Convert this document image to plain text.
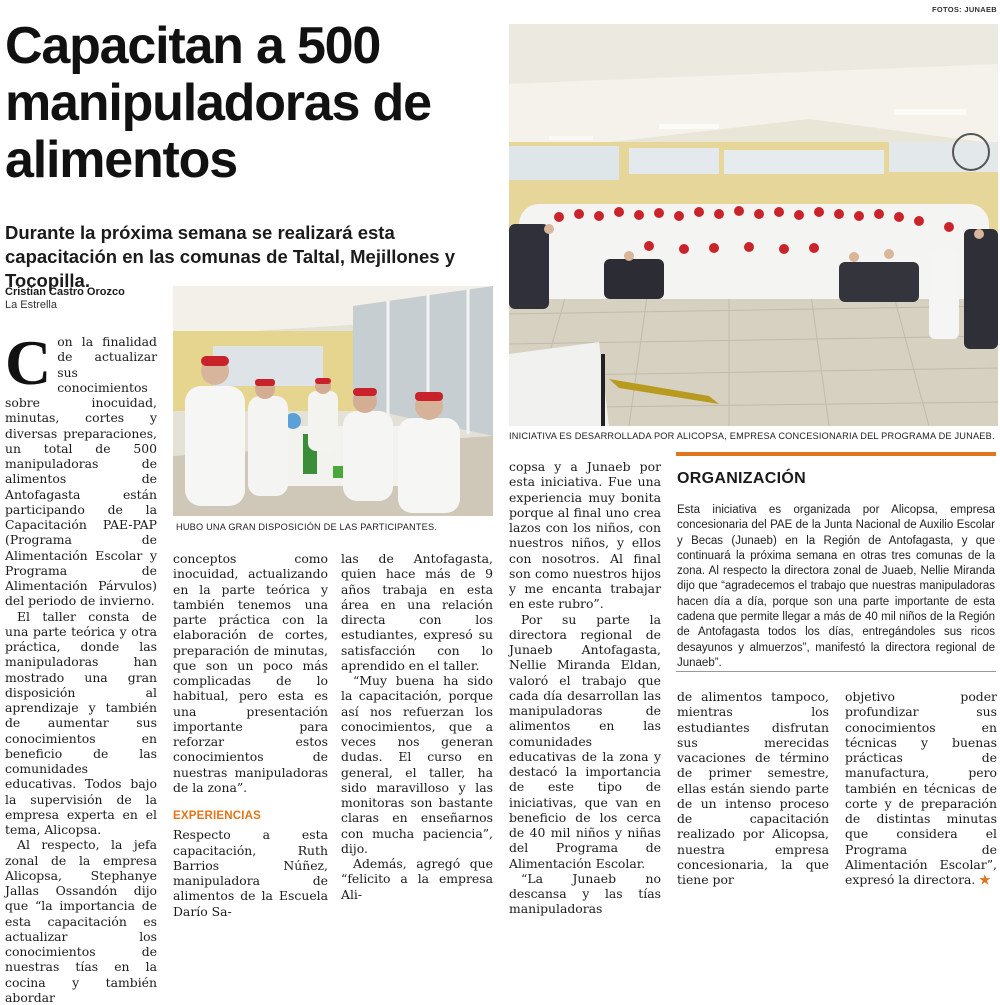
FOTOS: JUNAEB
Capacitan a 500 manipuladoras de alimentos
Durante la próxima semana se realizará esta capacitación en las comunas de Taltal, Mejillones y Tocopilla.
Cristian Castro Orozco
La Estrella
INICIATIVA ES DESARROLLADA POR ALICOPSA, EMPRESA CONCESIONARIA DEL PROGRAMA DE JUNAEB.
HUBO UNA GRAN DISPOSICIÓN DE LAS PARTICIPANTES.

Con la finalidad de actualizar sus conocimientos sobre inocuidad, minutas, cortes y diversas preparaciones, un total de 500 manipuladoras de alimentos de Antofagasta están participando de la Capacitación PAE-PAP (Programa de Alimentación Escolar y Programa de Alimentación Párvulos) del periodo de invierno.

El taller consta de una parte teórica y otra práctica, donde las manipuladoras han mostrado una gran disposición al aprendizaje y también de aumentar sus conocimientos en beneficio de las comunidades educativas. Todos bajo la supervisión de la empresa experta en el tema, Alicopsa.

Al respecto, la jefa zonal de la empresa Alicopsa, Stephanye Jallas Ossandón dijo que “la importancia de esta capacitación es actualizar los conocimientos de nuestras tías en la cocina y también abordar

conceptos como inocuidad, actualizando en la parte teórica y también tenemos una parte práctica con la elaboración de cortes, preparación de minutas, que son un poco más complicadas de lo habitual, pero esta es una presentación importante para reforzar estos conocimientos de nuestras manipuladoras de la zona”.

EXPERIENCIAS

Respecto a esta capacitación, Ruth Barrios Núñez, manipuladora de alimentos de la Escuela Darío Sa-

las de Antofagasta, quien hace más de 9 años trabaja en esta área en una relación directa con los estudiantes, expresó su satisfacción con lo aprendido en el taller.

“Muy buena ha sido la capacitación, porque así nos refuerzan los conocimientos, que a veces nos generan dudas. El curso en general, el taller, ha sido maravilloso y las monitoras son bastante claras en enseñarnos con mucha paciencia”, dijo.

Además, agregó que “felicito a la empresa Ali-

copsa y a Junaeb por esta iniciativa. Fue una experiencia muy bonita porque al final uno crea lazos con los niños, con nuestros niños, y ellos con nosotros. Al final son como nuestros hijos y me encanta trabajar en este rubro”.

Por su parte la directora regional de Junaeb Antofagasta, Nellie Miranda Eldan, valoró el trabajo que cada día desarrollan las manipuladoras de alimentos en las comunidades educativas de la zona y destacó la importancia de este tipo de iniciativas, que van en beneficio de los cerca de 40 mil niños y niñas del Programa de Alimentación Escolar.

“La Junaeb no descansa y las tías manipuladoras

ORGANIZACIÓN
Esta iniciativa es organizada por Alicopsa, empresa concesionaria del PAE de la Junta Nacional de Auxilio Escolar y Becas (Junaeb) en la Región de Antofagasta, y que continuará la próxima semana en otras tres comunas de la zona. Al respecto la directora zonal de Juaeb, Nellie Miranda dijo que “agradecemos el trabajo que nuestras manipuladoras hacen día a día, porque son una parte importante de esta cadena que permite llegar a más de 40 mil niños de la Región de Antofagasta todos los días, entregándoles sus ricos desayunos y almuerzos”, manifestó la directora regional de Junaeb”.

de alimentos tampoco, mientras los estudiantes disfrutan sus merecidas vacaciones de término de primer semestre, ellas están siendo parte de un intenso proceso de capacitación realizado por Alicopsa, nuestra empresa concesionaria, la que tiene por

objetivo poder profundizar sus conocimientos en técnicas y buenas prácticas de manufactura, pero también en técnicas de corte y de preparación de distintas minutas que considera el Programa de Alimentación Escolar”, expresó la directora. ★
